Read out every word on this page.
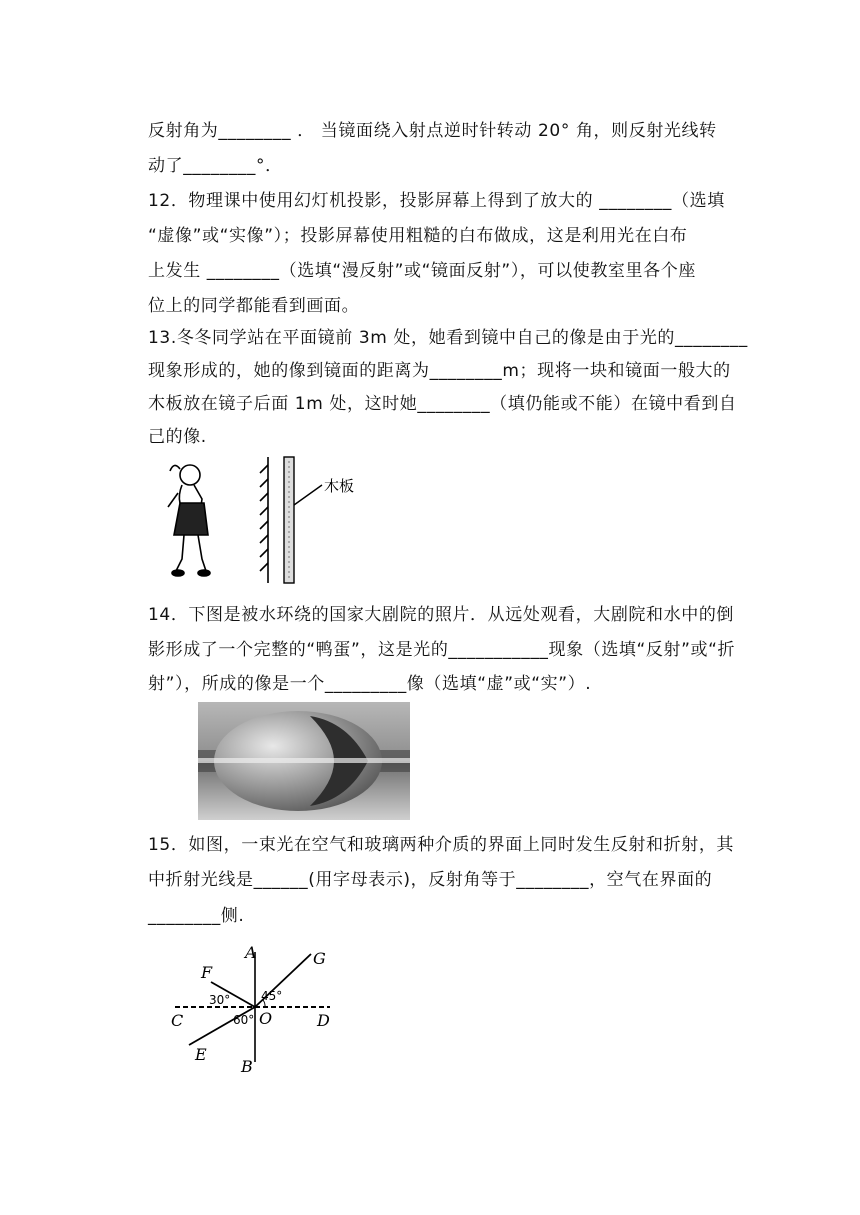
反射角为________ ． 当镜面绕入射点逆时针转动 20° 角，则反射光线转
动了________°．
12．物理课中使用幻灯机投影，投影屏幕上得到了放大的 ________（选填
“虚像”或“实像”）；投影屏幕使用粗糙的白布做成，这是利用光在白布
上发生 ________（选填“漫反射”或“镜面反射”），可以使教室里各个座
位上的同学都能看到画面。
13.冬冬同学站在平面镜前 3m 处，她看到镜中自己的像是由于光的________
现象形成的，她的像到镜面的距离为________m；现将一块和镜面一般大的
木板放在镜子后面 1m 处，这时她________（填仍能或不能）在镜中看到自
己的像.
木板
14．下图是被水环绕的国家大剧院的照片．从远处观看，大剧院和水中的倒
影形成了一个完整的“鸭蛋”，这是光的___________现象（选填“反射”或“折
射”），所成的像是一个_________像（选填“虚”或“实”）.
15．如图，一束光在空气和玻璃两种介质的界面上同时发生反射和折射，其
中折射光线是______(用字母表示)，反射角等于________，空气在界面的
________侧.
A
B
C	D
E
F
G
O
30°	45°
60°
